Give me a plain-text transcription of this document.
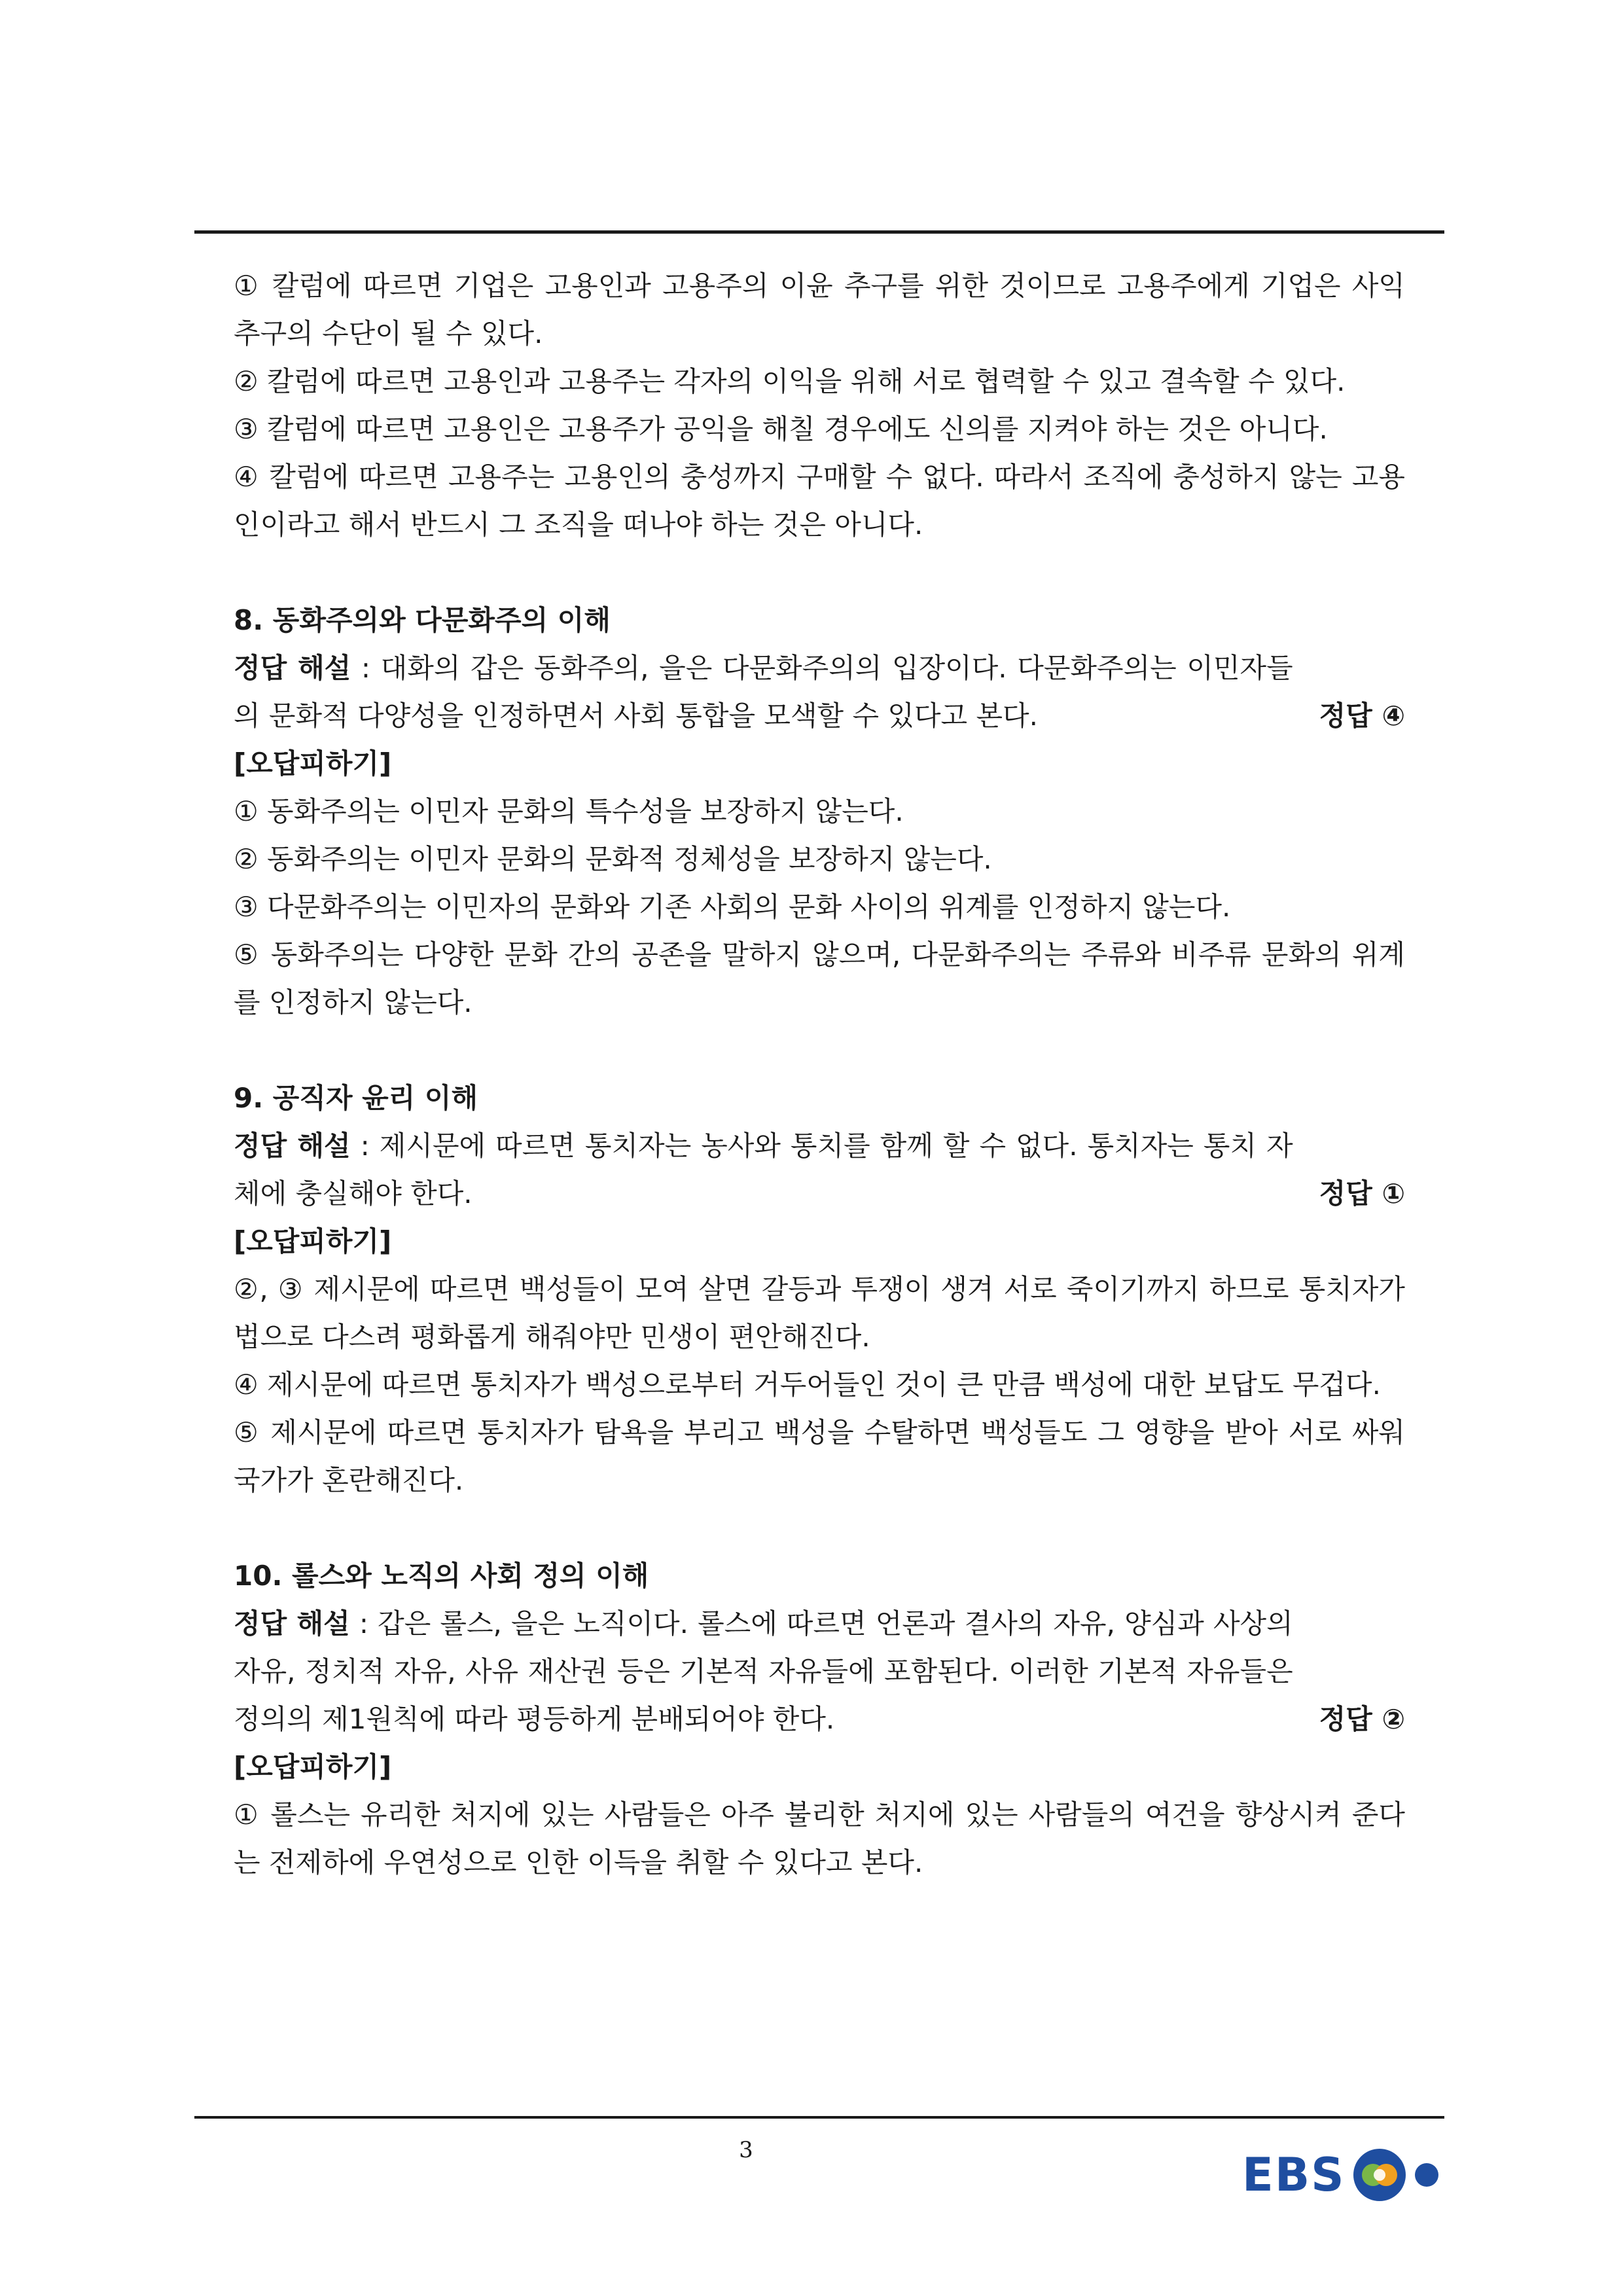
① 칼럼에 따르면 기업은 고용인과 고용주의 이윤 추구를 위한 것이므로 고용주에게 기업은 사익 추구의 수단이 될 수 있다.

② 칼럼에 따르면 고용인과 고용주는 각자의 이익을 위해 서로 협력할 수 있고 결속할 수 있다.

③ 칼럼에 따르면 고용인은 고용주가 공익을 해칠 경우에도 신의를 지켜야 하는 것은 아니다.

④ 칼럼에 따르면 고용주는 고용인의 충성까지 구매할 수 없다. 따라서 조직에 충성하지 않는 고용인이라고 해서 반드시 그 조직을 떠나야 하는 것은 아니다.

8. 동화주의와 다문화주의 이해

정답 해설 : 대화의 갑은 동화주의, 을은 다문화주의의 입장이다. 다문화주의는 이민자들의 문화적 다양성을 인정하면서 사회 통합을 모색할 수 있다고 본다.	정답 ④

[오답피하기]

① 동화주의는 이민자 문화의 특수성을 보장하지 않는다.

② 동화주의는 이민자 문화의 문화적 정체성을 보장하지 않는다.

③ 다문화주의는 이민자의 문화와 기존 사회의 문화 사이의 위계를 인정하지 않는다.

⑤ 동화주의는 다양한 문화 간의 공존을 말하지 않으며, 다문화주의는 주류와 비주류 문화의 위계를 인정하지 않는다.

9. 공직자 윤리 이해

정답 해설 : 제시문에 따르면 통치자는 농사와 통치를 함께 할 수 없다. 통치자는 통치 자체에 충실해야 한다.	정답 ①

[오답피하기]

②, ③ 제시문에 따르면 백성들이 모여 살면 갈등과 투쟁이 생겨 서로 죽이기까지 하므로 통치자가 법으로 다스려 평화롭게 해줘야만 민생이 편안해진다.

④ 제시문에 따르면 통치자가 백성으로부터 거두어들인 것이 큰 만큼 백성에 대한 보답도 무겁다.

⑤ 제시문에 따르면 통치자가 탐욕을 부리고 백성을 수탈하면 백성들도 그 영향을 받아 서로 싸워 국가가 혼란해진다.

10. 롤스와 노직의 사회 정의 이해

정답 해설 : 갑은 롤스, 을은 노직이다. 롤스에 따르면 언론과 결사의 자유, 양심과 사상의 자유, 정치적 자유, 사유 재산권 등은 기본적 자유들에 포함된다. 이러한 기본적 자유들은 정의의 제1원칙에 따라 평등하게 분배되어야 한다.	정답 ②

[오답피하기]

① 롤스는 유리한 처지에 있는 사람들은 아주 불리한 처지에 있는 사람들의 여건을 향상시켜 준다는 전제하에 우연성으로 인한 이득을 취할 수 있다고 본다.

3	EBS
